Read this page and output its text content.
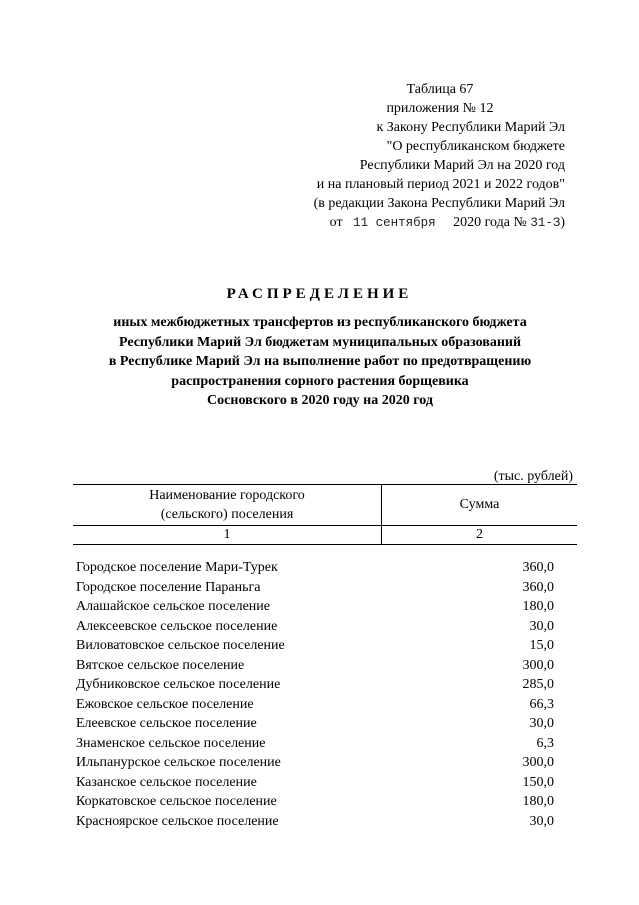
Таблица 67
приложения № 12
к Закону Республики Марий Эл
"О республиканском бюджете
Республики Марий Эл на 2020 год
и на плановый период 2021 и 2022 годов"
(в редакции Закона Республики Марий Эл
от 11 сентября 2020 года № 31-З)
РАСПРЕДЕЛЕНИЕ
иных межбюджетных трансфертов из республиканского бюджета
Республики Марий Эл бюджетам муниципальных образований
в Республике Марий Эл на выполнение работ по предотвращению
распространения сорного растения борщевика
Сосновского в 2020 году на 2020 год
(тыс. рублей)
Наименование городского
(сельского) поселения	Сумма
1	2
Городское поселение Мари-Турек	360,0
Городское поселение Параньга	360,0
Алашайское сельское поселение	180,0
Алексеевское сельское поселение	30,0
Виловатовское сельское поселение	15,0
Вятское сельское поселение	300,0
Дубниковское сельское поселение	285,0
Ежовское сельское поселение	66,3
Елеевское сельское поселение	30,0
Знаменское сельское поселение	6,3
Ильпанурское сельское поселение	300,0
Казанское сельское поселение	150,0
Коркатовское сельское поселение	180,0
Красноярское сельское поселение	30,0
